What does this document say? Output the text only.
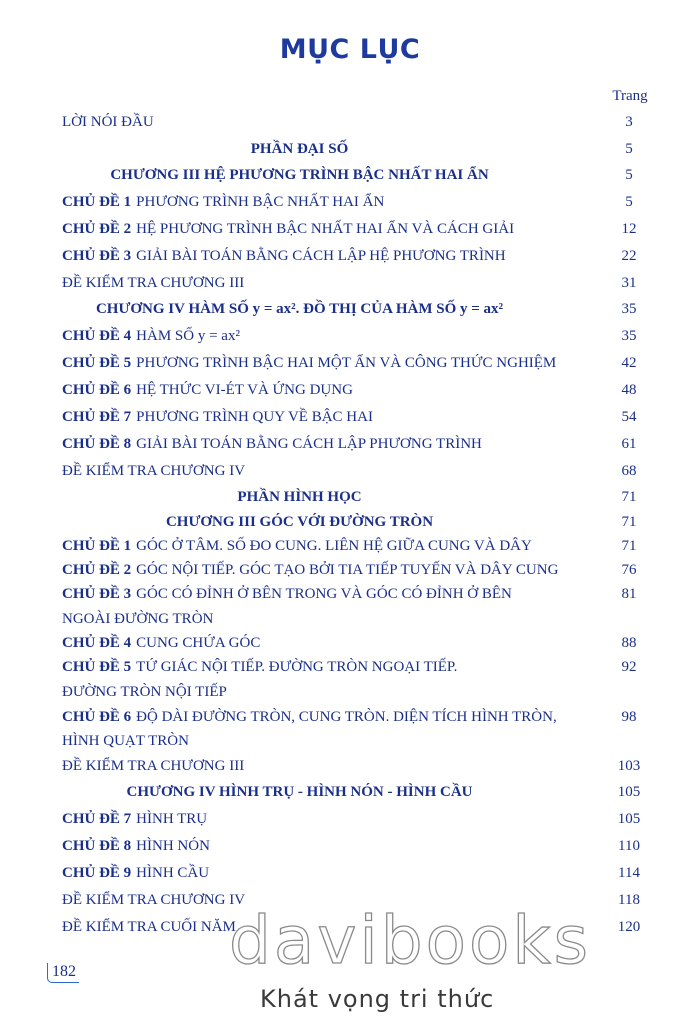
MỤC LỤC
Trang
LỜI NÓI ĐẦU	3
PHẦN ĐẠI SỐ	5
CHƯƠNG III HỆ PHƯƠNG TRÌNH BẬC NHẤT HAI ẨN	5
CHỦ ĐỀ 1 PHƯƠNG TRÌNH BẬC NHẤT HAI ẨN	5
CHỦ ĐỀ 2 HỆ PHƯƠNG TRÌNH BẬC NHẤT HAI ẨN VÀ CÁCH GIẢI	12
CHỦ ĐỀ 3 GIẢI BÀI TOÁN BẰNG CÁCH LẬP HỆ PHƯƠNG TRÌNH	22
ĐỀ KIỂM TRA CHƯƠNG III	31
CHƯƠNG IV HÀM SỐ y = ax². ĐỒ THỊ CỦA HÀM SỐ y = ax²	35
CHỦ ĐỀ 4 HÀM SỐ y = ax²	35
CHỦ ĐỀ 5 PHƯƠNG TRÌNH BẬC HAI MỘT ẨN VÀ CÔNG THỨC NGHIỆM	42
CHỦ ĐỀ 6 HỆ THỨC VI-ÉT VÀ ỨNG DỤNG	48
CHỦ ĐỀ 7 PHƯƠNG TRÌNH QUY VỀ BẬC HAI	54
CHỦ ĐỀ 8 GIẢI BÀI TOÁN BẰNG CÁCH LẬP PHƯƠNG TRÌNH	61
ĐỀ KIỂM TRA CHƯƠNG IV	68
PHẦN HÌNH HỌC	71
CHƯƠNG III GÓC VỚI ĐƯỜNG TRÒN	71
CHỦ ĐỀ 1 GÓC Ở TÂM. SỐ ĐO CUNG. LIÊN HỆ GIỮA CUNG VÀ DÂY	71
CHỦ ĐỀ 2 GÓC NỘI TIẾP. GÓC TẠO BỞI TIA TIẾP TUYẾN VÀ DÂY CUNG	76
CHỦ ĐỀ 3 GÓC CÓ ĐỈNH Ở BÊN TRONG VÀ GÓC CÓ ĐỈNH Ở BÊN	81
NGOÀI ĐƯỜNG TRÒN
CHỦ ĐỀ 4 CUNG CHỨA GÓC	88
CHỦ ĐỀ 5 TỨ GIÁC NỘI TIẾP. ĐƯỜNG TRÒN NGOẠI TIẾP.	92
ĐƯỜNG TRÒN NỘI TIẾP
CHỦ ĐỀ 6 ĐỘ DÀI ĐƯỜNG TRÒN, CUNG TRÒN. DIỆN TÍCH HÌNH TRÒN,	98
HÌNH QUẠT TRÒN
ĐỀ KIỂM TRA CHƯƠNG III	103
CHƯƠNG IV HÌNH TRỤ - HÌNH NÓN - HÌNH CẦU	105
CHỦ ĐỀ 7 HÌNH TRỤ	105
CHỦ ĐỀ 8 HÌNH NÓN	110
CHỦ ĐỀ 9 HÌNH CẦU	114
ĐỀ KIỂM TRA CHƯƠNG IV	118
ĐỀ KIỂM TRA CUỐI NĂM	120
davibooks
Khát vọng tri thức
182
